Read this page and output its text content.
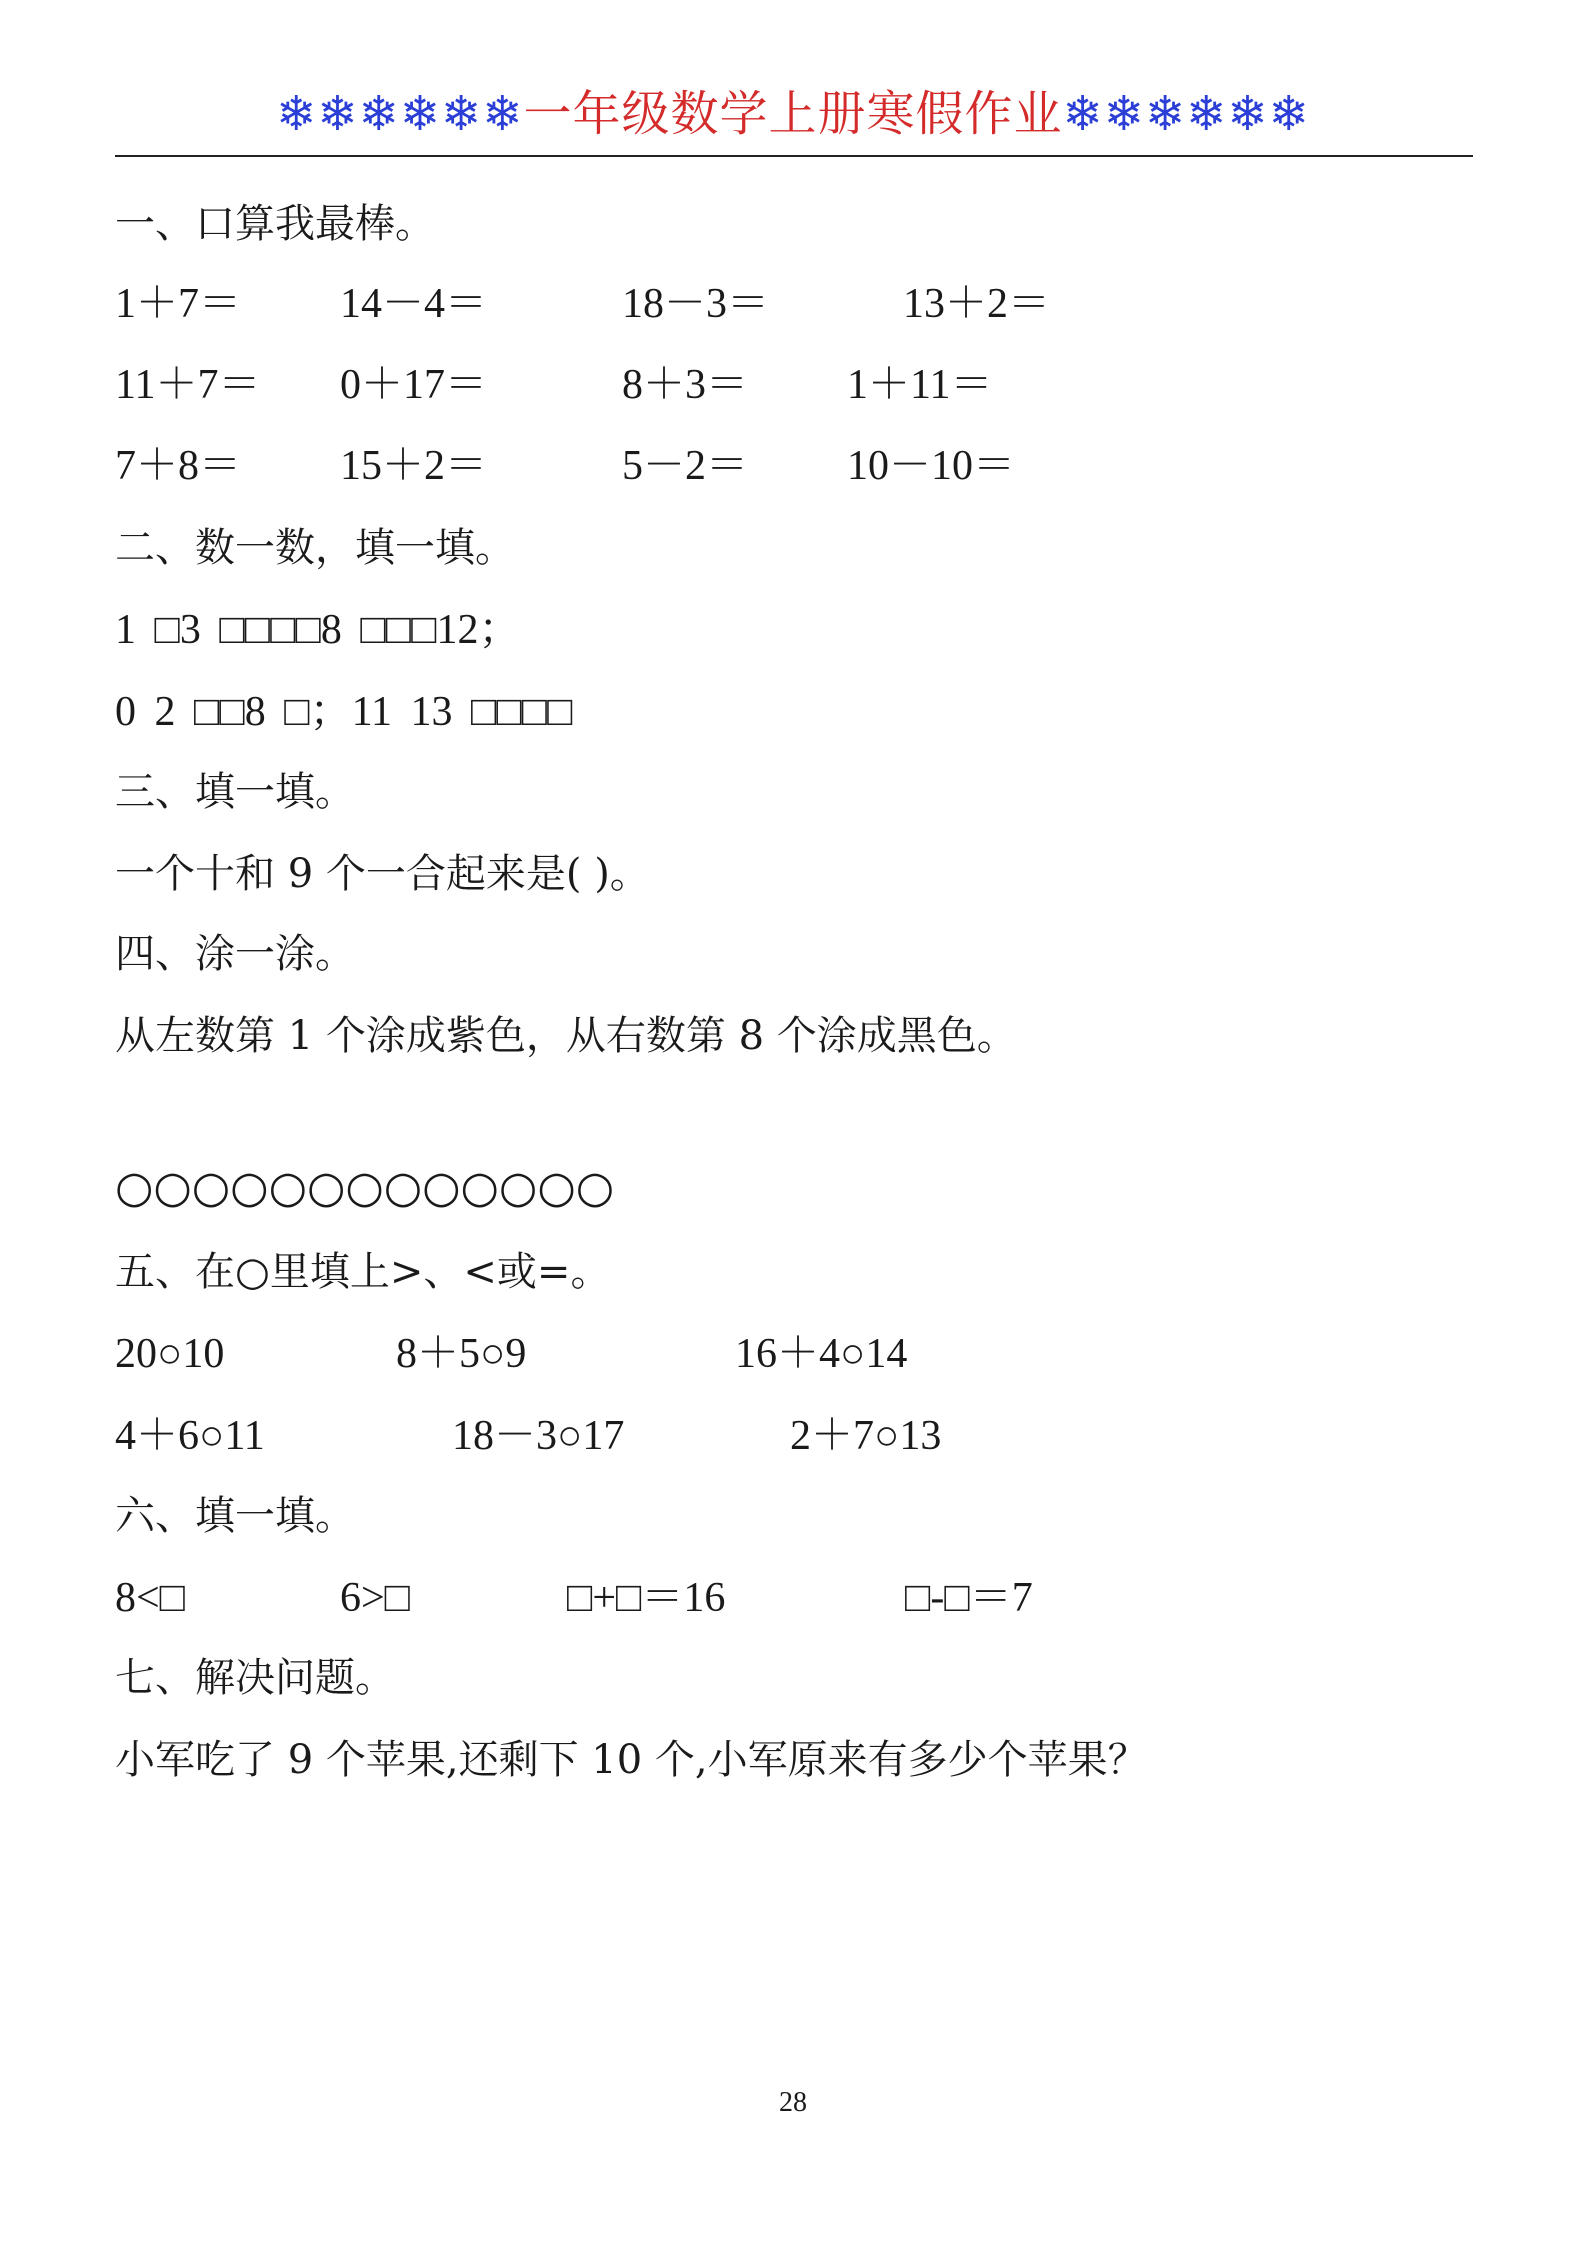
❄❄❄❄❄❄一年级数学上册寒假作业❄❄❄❄❄❄
一、口算我最棒。
1＋7＝ 14－4＝	18－3＝	13＋2＝
11＋7＝ 0＋17＝	8＋3＝ 1＋11＝
7＋8＝ 15＋2＝	5－2＝ 10－10＝
二、数一数，填一填。
1 □3 □□□□8 □□□12；
0 2 □□8 □；11 13 □□□□
三、填一填。
一个十和 9 个一合起来是( )。
四、涂一涂。
从左数第 1 个涂成紫色，从右数第 8 个涂成黑色。
○○○○○○○○○○○○○
五、在○里填上>、<或=。
20○10	8＋5○9	16＋4○14
4＋6○11	18－3○17	2＋7○13
六、填一填。
8<□	6>□	□+□＝16	□-□＝7
七、解决问题。
小军吃了 9 个苹果,还剩下 10 个,小军原来有多少个苹果？
28
